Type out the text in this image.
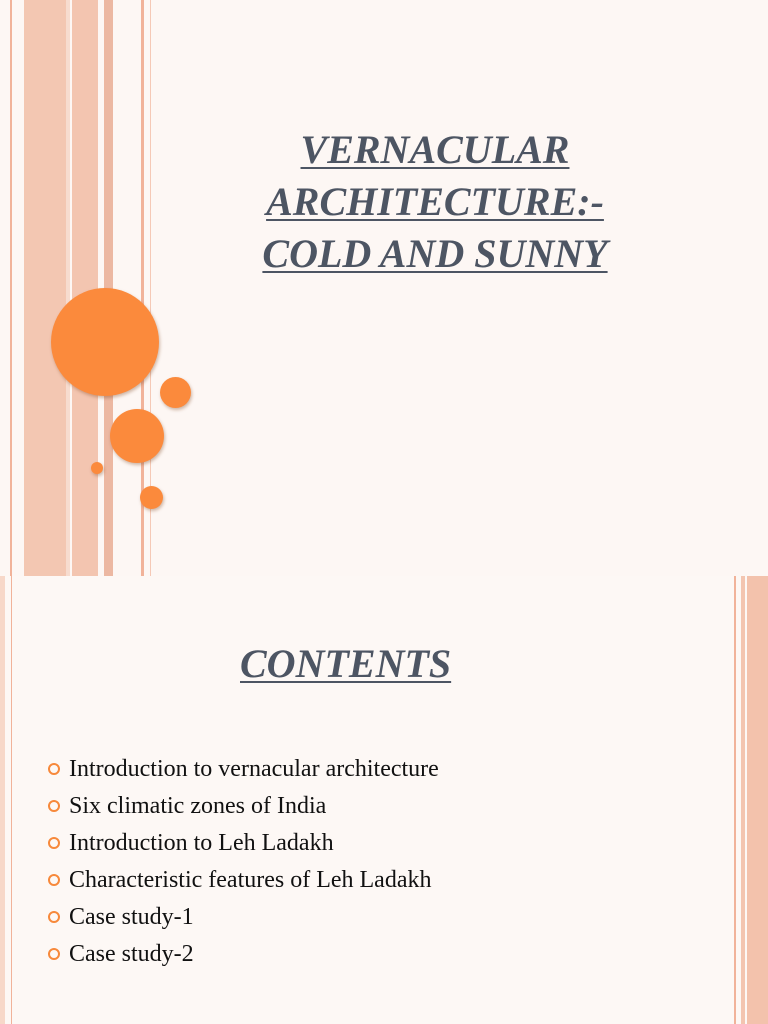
VERNACULAR
ARCHITECTURE:-
COLD AND SUNNY
CONTENTS
Introduction to vernacular architecture
Six climatic zones of India
Introduction to Leh Ladakh
Characteristic features of Leh Ladakh
Case study-1
Case study-2
